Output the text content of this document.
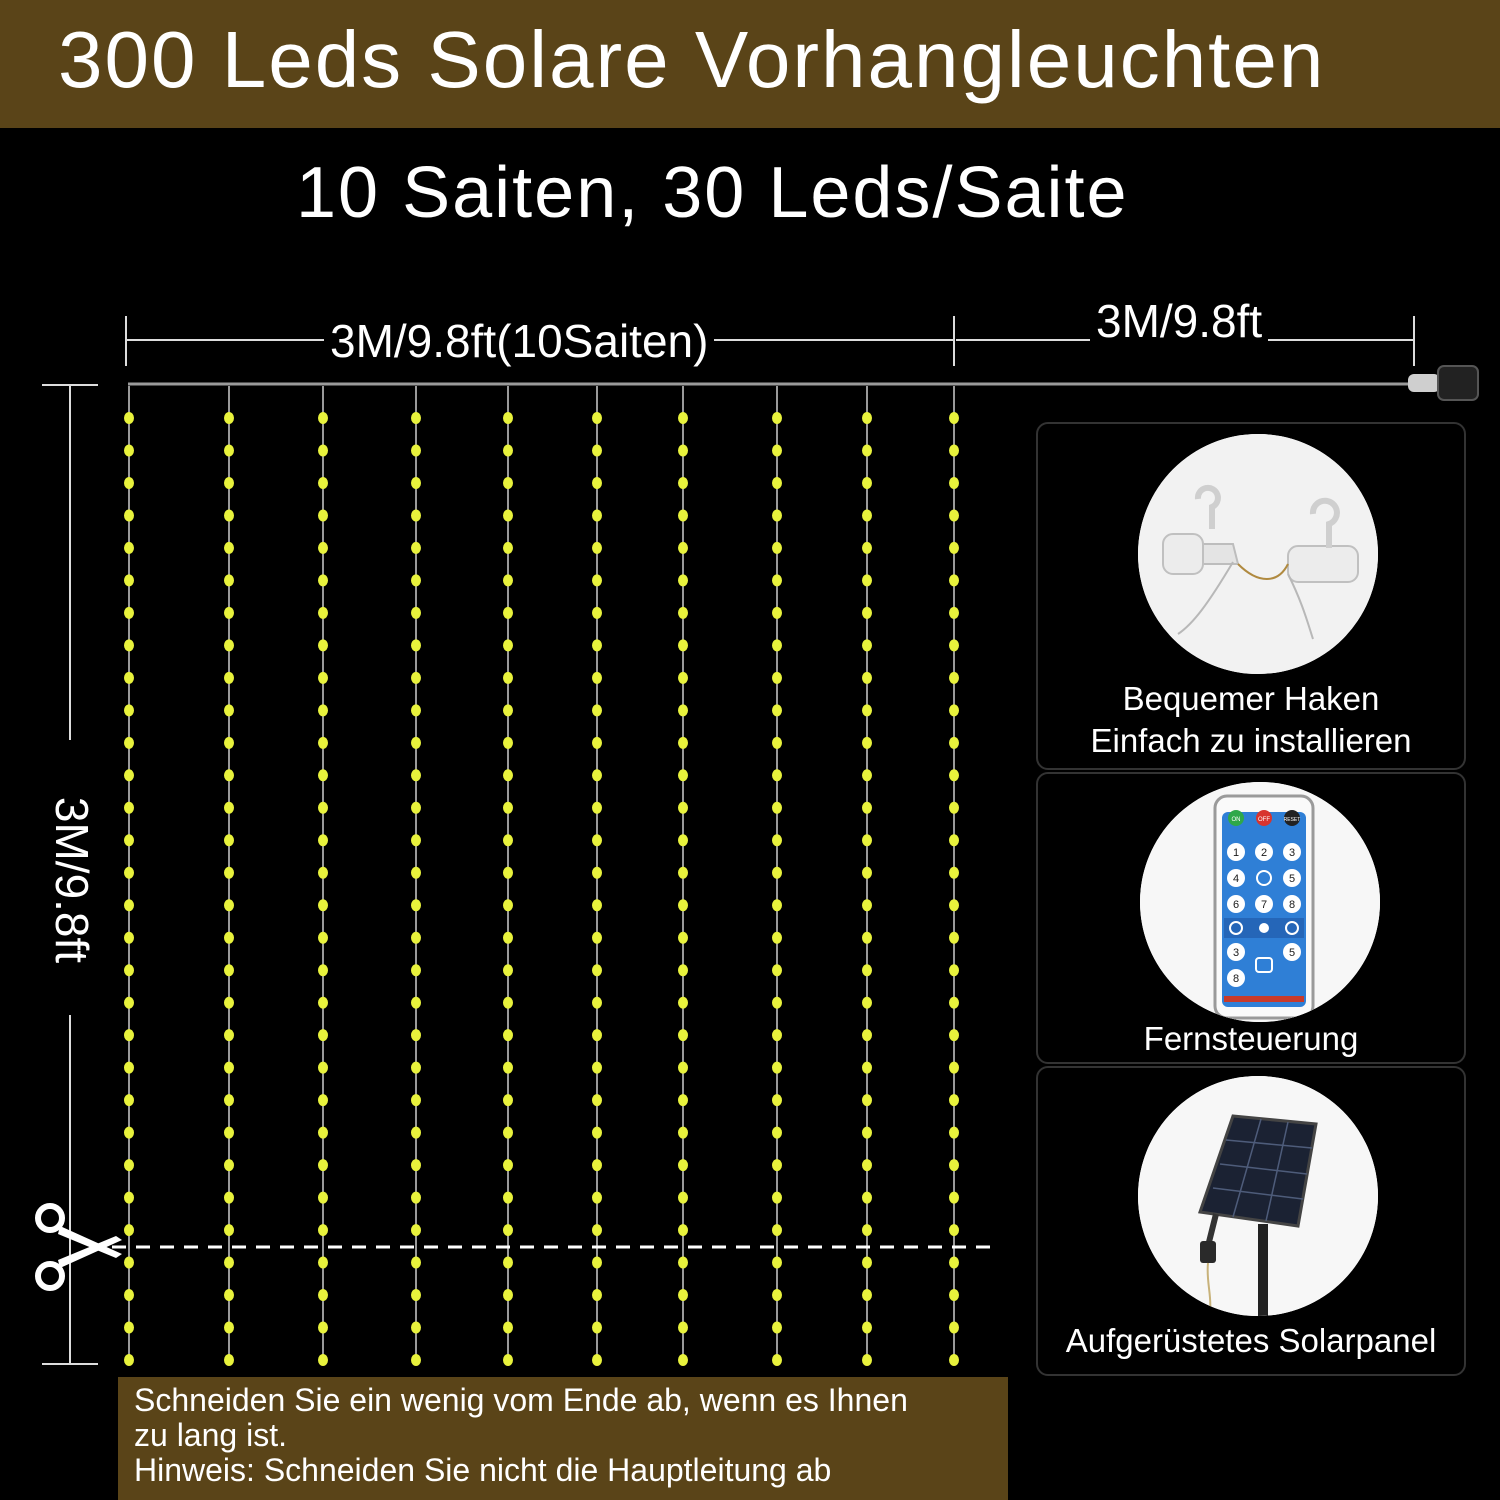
300 Leds Solare Vorhangleuchten
10 Saiten, 30 Leds/Saite
3M/9.8ft(10Saiten)	3M/9.8ft
3M/9.8ft
Bequemer Haken
Einfach zu installieren
ON	OFF	RESET
1 2 3
4	5
6 7 8
3	5
8
Fernsteuerung
Aufgerüstetes Solarpanel
Schneiden Sie ein wenig vom Ende ab, wenn es Ihnen
zu lang ist.
Hinweis: Schneiden Sie nicht die Hauptleitung ab
